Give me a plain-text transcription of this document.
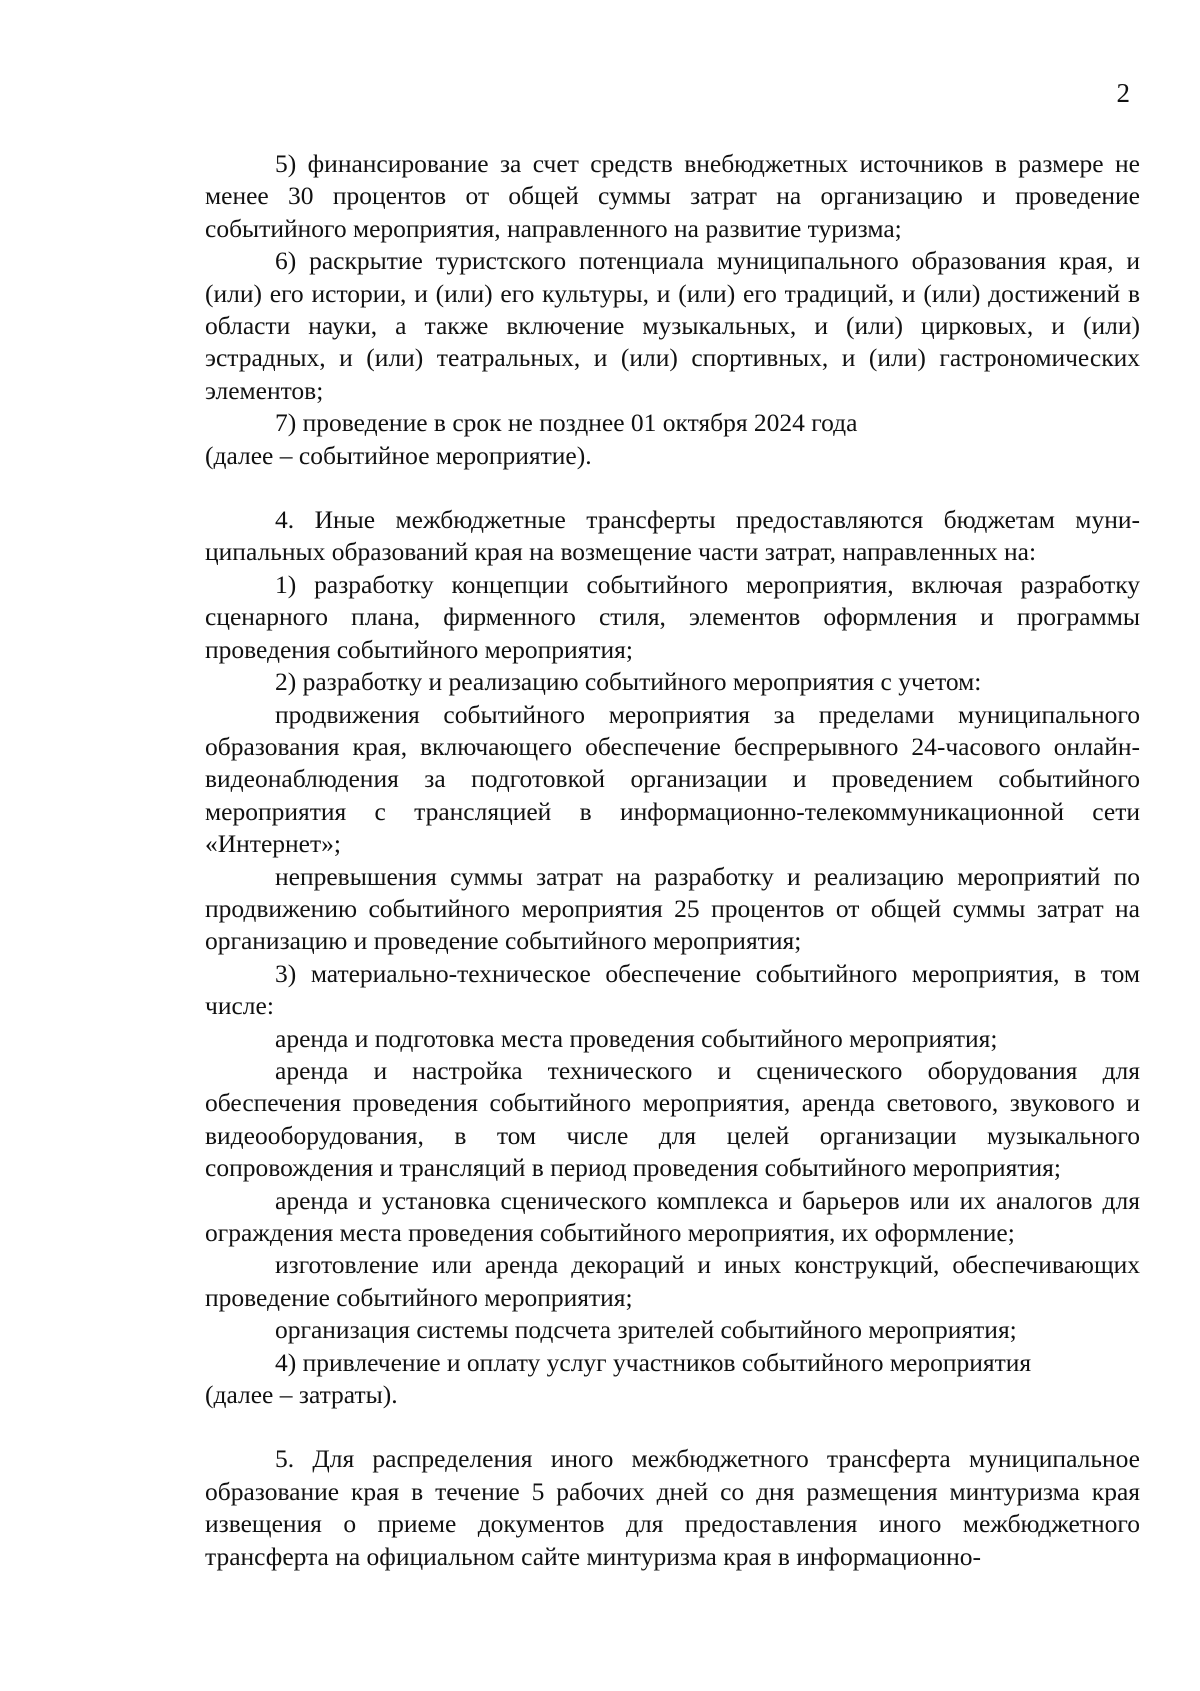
2

5) финансирование за счет средств внебюджетных источников в размере не менее 30 процентов от общей суммы затрат на организацию и проведение событийного мероприятия, направленного на развитие туризма;

6) раскрытие туристского потенциала муниципального образования края, и (или) его истории, и (или) его культуры, и (или) его традиций, и (или) достижений в области науки, а также включение музыкальных, и (или) цирковых, и (или) эстрадных, и (или) театральных, и (или) спортивных, и (или) гастрономических элементов;

7) проведение в срок не позднее 01 октября 2024 года

(далее – событийное мероприятие).

4. Иные межбюджетные трансферты предоставляются бюджетам муниципальных образований края на возмещение части затрат, направленных на:

1) разработку концепции событийного мероприятия, включая разработку сценарного плана, фирменного стиля, элементов оформления и программы проведения событийного мероприятия;

2) разработку и реализацию событийного мероприятия с учетом:

продвижения событийного мероприятия за пределами муниципального образования края, включающего обеспечение беспрерывного 24-часового онлайн-видеонаблюдения за подготовкой организации и проведением событийного мероприятия с трансляцией в информационно-телекоммуникационной сети «Интернет»;

непревышения суммы затрат на разработку и реализацию мероприятий по продвижению событийного мероприятия 25 процентов от общей суммы затрат на организацию и проведение событийного мероприятия;

3) материально-техническое обеспечение событийного мероприятия, в том числе:

аренда и подготовка места проведения событийного мероприятия;

аренда и настройка технического и сценического оборудования для обеспечения проведения событийного мероприятия, аренда светового, звукового и видеооборудования, в том числе для целей организации музыкального сопровождения и трансляций в период проведения событийного мероприятия;

аренда и установка сценического комплекса и барьеров или их аналогов для ограждения места проведения событийного мероприятия, их оформление;

изготовление или аренда декораций и иных конструкций, обеспечивающих проведение событийного мероприятия;

организация системы подсчета зрителей событийного мероприятия;

4) привлечение и оплату услуг участников событийного мероприятия

(далее – затраты).

5. Для распределения иного межбюджетного трансферта муниципальное образование края в течение 5 рабочих дней со дня размещения минтуризма края извещения о приеме документов для предоставления иного межбюджетного трансферта на официальном сайте минтуризма края в информационно-
